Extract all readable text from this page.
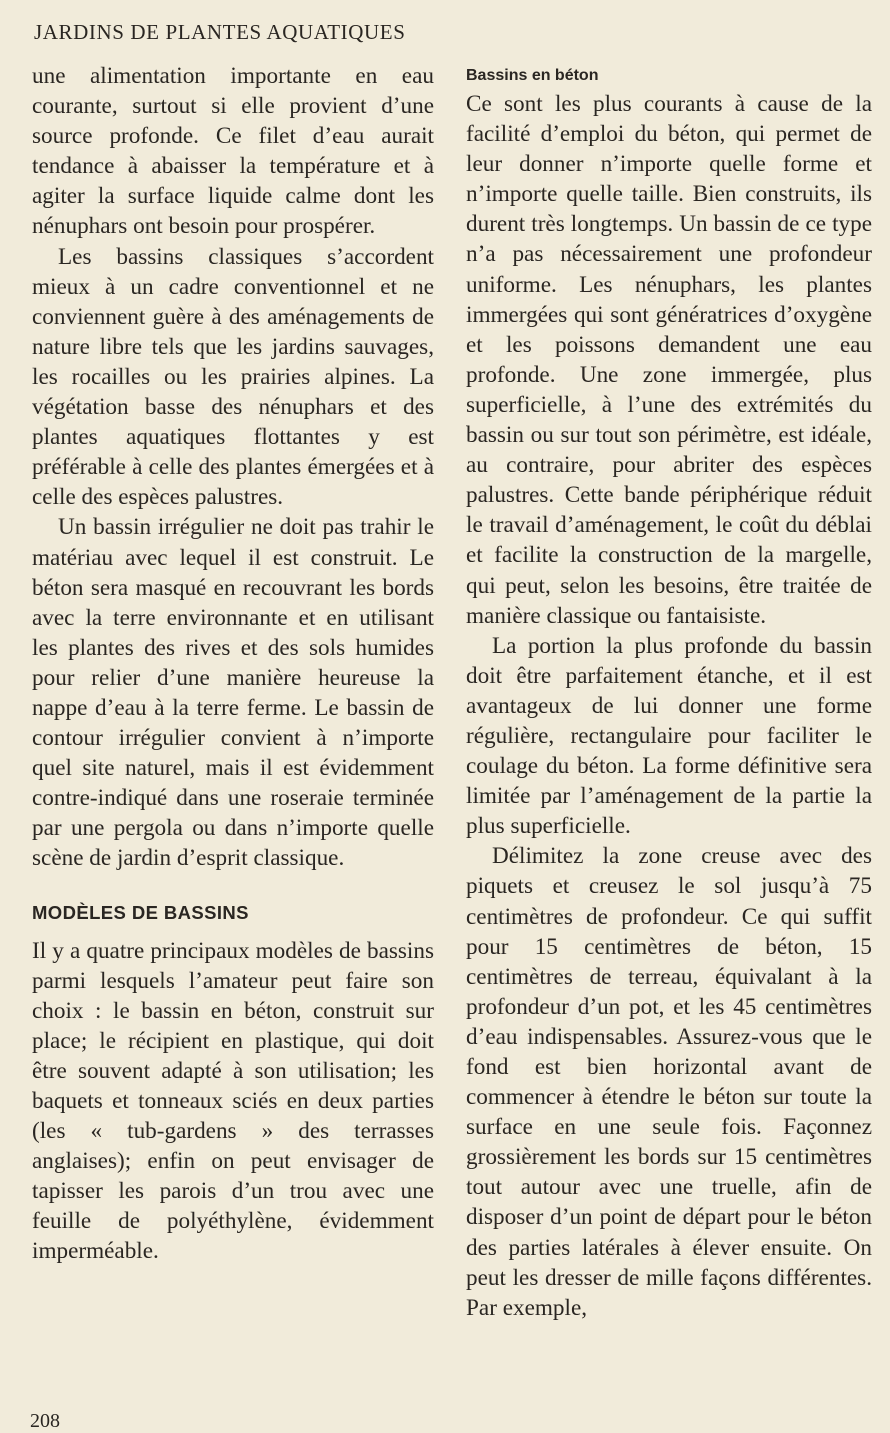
JARDINS DE PLANTES AQUATIQUES

une alimentation importante en eau courante, surtout si elle provient d’une source profonde. Ce filet d’eau aurait tendance à abaisser la température et à agiter la surface liquide calme dont les nénuphars ont besoin pour prospérer.

Les bassins classiques s’accordent mieux à un cadre conventionnel et ne conviennent guère à des aménagements de nature libre tels que les jardins sauvages, les rocailles ou les prairies alpines. La végétation basse des nénuphars et des plantes aquatiques flottantes y est préférable à celle des plantes émergées et à celle des espèces palustres.

Un bassin irrégulier ne doit pas trahir le matériau avec lequel il est construit. Le béton sera masqué en recouvrant les bords avec la terre environnante et en utilisant les plantes des rives et des sols humides pour relier d’une manière heureuse la nappe d’eau à la terre ferme. Le bassin de contour irrégulier convient à n’importe quel site naturel, mais il est évidemment contre-indiqué dans une roseraie terminée par une pergola ou dans n’importe quelle scène de jardin d’esprit classique.

MODÈLES DE BASSINS

Il y a quatre principaux modèles de bassins parmi lesquels l’amateur peut faire son choix : le bassin en béton, construit sur place; le récipient en plastique, qui doit être souvent adapté à son utilisation; les baquets et tonneaux sciés en deux parties (les « tub-gardens » des terrasses anglaises); enfin on peut envisager de tapisser les parois d’un trou avec une feuille de polyéthylène, évidemment imperméable.

Bassins en béton

Ce sont les plus courants à cause de la facilité d’emploi du béton, qui permet de leur donner n’importe quelle forme et n’importe quelle taille. Bien construits, ils durent très longtemps. Un bassin de ce type n’a pas nécessairement une profondeur uniforme. Les nénuphars, les plantes immergées qui sont génératrices d’oxygène et les poissons demandent une eau profonde. Une zone immergée, plus superficielle, à l’une des extrémités du bassin ou sur tout son périmètre, est idéale, au contraire, pour abriter des espèces palustres. Cette bande périphérique réduit le travail d’aménagement, le coût du déblai et facilite la construction de la margelle, qui peut, selon les besoins, être traitée de manière classique ou fantaisiste.

La portion la plus profonde du bassin doit être parfaitement étanche, et il est avantageux de lui donner une forme régulière, rectangulaire pour faciliter le coulage du béton. La forme définitive sera limitée par l’aménagement de la partie la plus superficielle.

Délimitez la zone creuse avec des piquets et creusez le sol jusqu’à 75 centimètres de profondeur. Ce qui suffit pour 15 centimètres de béton, 15 centimètres de terreau, équivalant à la profondeur d’un pot, et les 45 centimètres d’eau indispensables. Assurez-vous que le fond est bien horizontal avant de commencer à étendre le béton sur toute la surface en une seule fois. Façonnez grossièrement les bords sur 15 centimètres tout autour avec une truelle, afin de disposer d’un point de départ pour le béton des parties latérales à élever ensuite. On peut les dresser de mille façons différentes. Par exemple,

208
